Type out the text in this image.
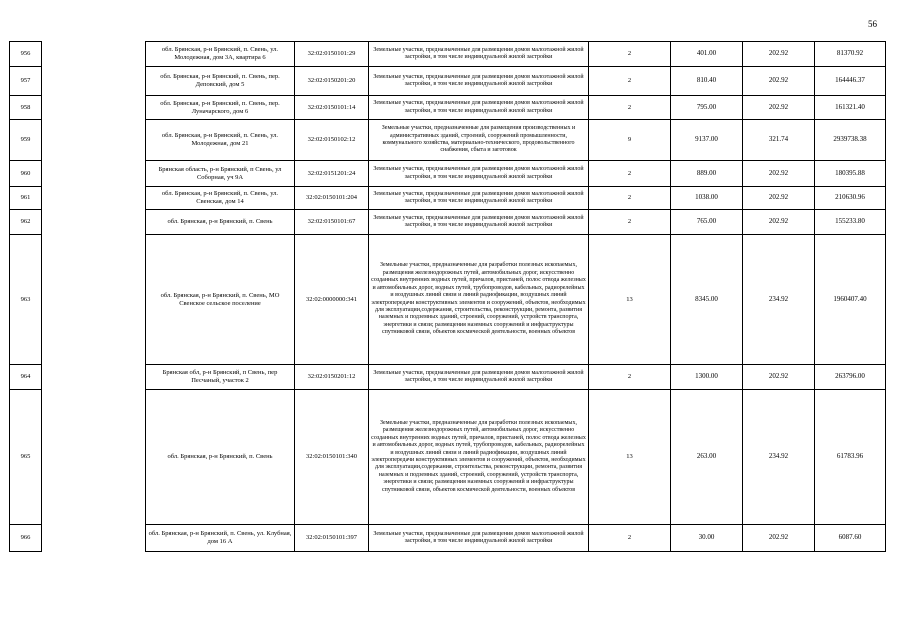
56
956		обл. Брянская, р-н Брянский, п. Свень, ул. Молодежная, дом 3А, квартира 6	32:02:0150101:29	Земельные участки, предназначенные для размещения домов малоэтажной жилой застройки, в том числе индивидуальной жилой застройки	2	401.00	202.92	81370.92
957		обл. Брянская, р-н Брянский, п. Свень, пер. Деповский, дом 5	32:02:0150201:20	Земельные участки, предназначенные для размещения домов малоэтажной жилой застройки, в том числе индивидуальной жилой застройки	2	810.40	202.92	164446.37
958		обл. Брянская, р-н Брянский, п. Свень, пер. Луначарского, дом 6	32:02:0150101:14	Земельные участки, предназначенные для размещения домов малоэтажной жилой застройки, в том числе индивидуальной жилой застройки	2	795.00	202.92	161321.40
959		обл. Брянская, р-н Брянский, п. Свень, ул. Молодежная, дом 21	32:02:0150102:12	Земельные участки, предназначенные для размещения производственных и административных зданий, строений, сооружений промышленности, коммунального хозяйства, материально-технического, продовольственного снабжения, сбыта и заготовок	9	9137.00	321.74	2939738.38
960		Брянская область, р-н Брянский, п Свень, ул Соборная, уч 9А	32:02:0151201:24	Земельные участки, предназначенные для размещения домов малоэтажной жилой застройки, в том числе индивидуальной жилой застройки	2	889.00	202.92	180395.88
961		обл. Брянская, р-н Брянский, п. Свень, ул. Свенская, дом 14	32:02:0150101:204	Земельные участки, предназначенные для размещения домов малоэтажной жилой застройки, в том числе индивидуальной жилой застройки	2	1038.00	202.92	210630.96
962		обл. Брянская, р-н Брянский, п. Свень	32:02:0150101:67	Земельные участки, предназначенные для размещения домов малоэтажной жилой застройки, в том числе индивидуальной жилой застройки	2	765.00	202.92	155233.80
963		обл. Брянская, р-н Брянский, п. Свень, МО Свенское сельское поселение	32:02:0000000:341	Земельные участки, предназначенные для разработки полезных ископаемых, размещения железнодорожных путей, автомобильных дорог, искусственно созданных внутренних водных путей, причалов, пристаней, полос отвода железных и автомобильных дорог, водных путей, трубопроводов, кабельных, радиорелейных и воздушных линий связи и линий радиофикации, воздушных линий электропередачи конструктивных элементов и сооружений, объектов, необходимых для эксплуатации,содержания, строительства, реконструкции, ремонта, развития наземных и подземных зданий, строений, сооружений, устройств транспорта, энергетики и связи; размещения наземных сооружений и инфраструктуры спутниковой связи, объектов космической деятельности, военных объектов	13	8345.00	234.92	1960407.40
964		Брянская обл, р-н Брянский, п Свень, пер Песчаный, участок 2	32:02:0150201:12	Земельные участки, предназначенные для размещения домов малоэтажной жилой застройки, в том числе индивидуальной жилой застройки	2	1300.00	202.92	263796.00
965		обл. Брянская, р-н Брянский, п. Свень	32:02:0150101:340	Земельные участки, предназначенные для разработки полезных ископаемых, размещения железнодорожных путей, автомобильных дорог, искусственно созданных внутренних водных путей, причалов, пристаней, полос отвода железных и автомобильных дорог, водных путей, трубопроводов, кабельных, радиорелейных и воздушных линий связи и линий радиофикации, воздушных линий электропередачи конструктивных элементов и сооружений, объектов, необходимых для эксплуатации,содержания, строительства, реконструкции, ремонта, развития наземных и подземных зданий, строений, сооружений, устройств транспорта, энергетики и связи; размещения наземных сооружений и инфраструктуры спутниковой связи, объектов космической деятельности, военных объектов	13	263.00	234.92	61783.96
966		обл. Брянская, р-н Брянский, п. Свень, ул. Клубная, дом 16 А	32:02:0150101:397	Земельные участки, предназначенные для размещения домов малоэтажной жилой застройки, в том числе индивидуальной жилой застройки	2	30.00	202.92	6087.60
